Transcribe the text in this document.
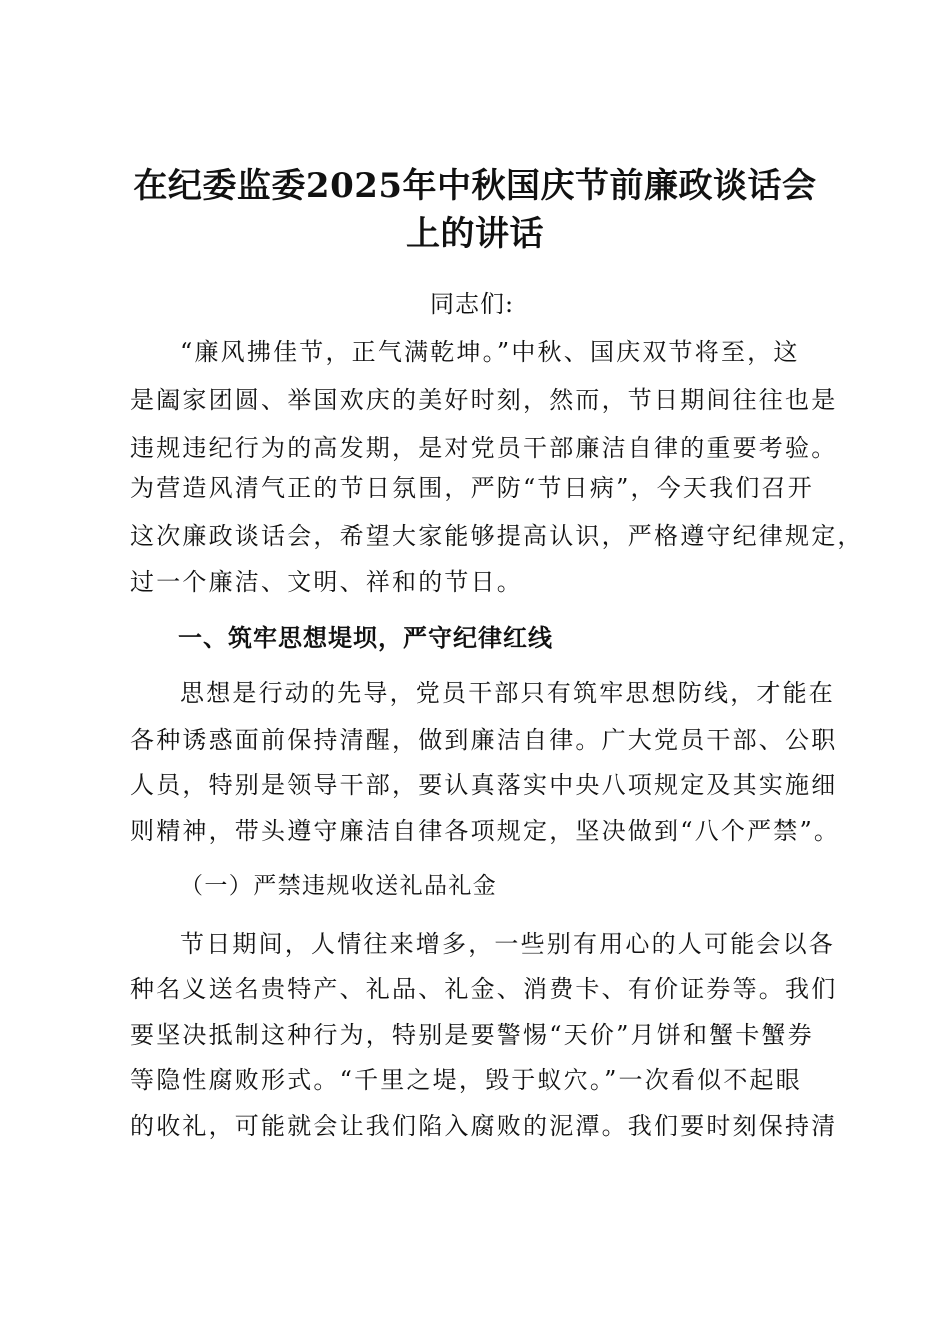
在纪委监委2025年中秋国庆节前廉政谈话会
上的讲话
同志们:
“廉风拂佳节，正气满乾坤。”中秋、国庆双节将至，这
是阖家团圆、举国欢庆的美好时刻，然而，节日期间往往也是
违规违纪行为的高发期，是对党员干部廉洁自律的重要考验。
为营造风清气正的节日氛围，严防“节日病”，今天我们召开
这次廉政谈话会，希望大家能够提高认识，严格遵守纪律规定，
过一个廉洁、文明、祥和的节日。
一、筑牢思想堤坝，严守纪律红线
思想是行动的先导，党员干部只有筑牢思想防线，才能在
各种诱惑面前保持清醒，做到廉洁自律。广大党员干部、公职
人员，特别是领导干部，要认真落实中央八项规定及其实施细
则精神，带头遵守廉洁自律各项规定，坚决做到“八个严禁”。
（一）严禁违规收送礼品礼金
节日期间，人情往来增多，一些别有用心的人可能会以各
种名义送名贵特产、礼品、礼金、消费卡、有价证券等。我们
要坚决抵制这种行为，特别是要警惕“天价”月饼和蟹卡蟹券
等隐性腐败形式。“千里之堤，毁于蚁穴。”一次看似不起眼
的收礼，可能就会让我们陷入腐败的泥潭。我们要时刻保持清
